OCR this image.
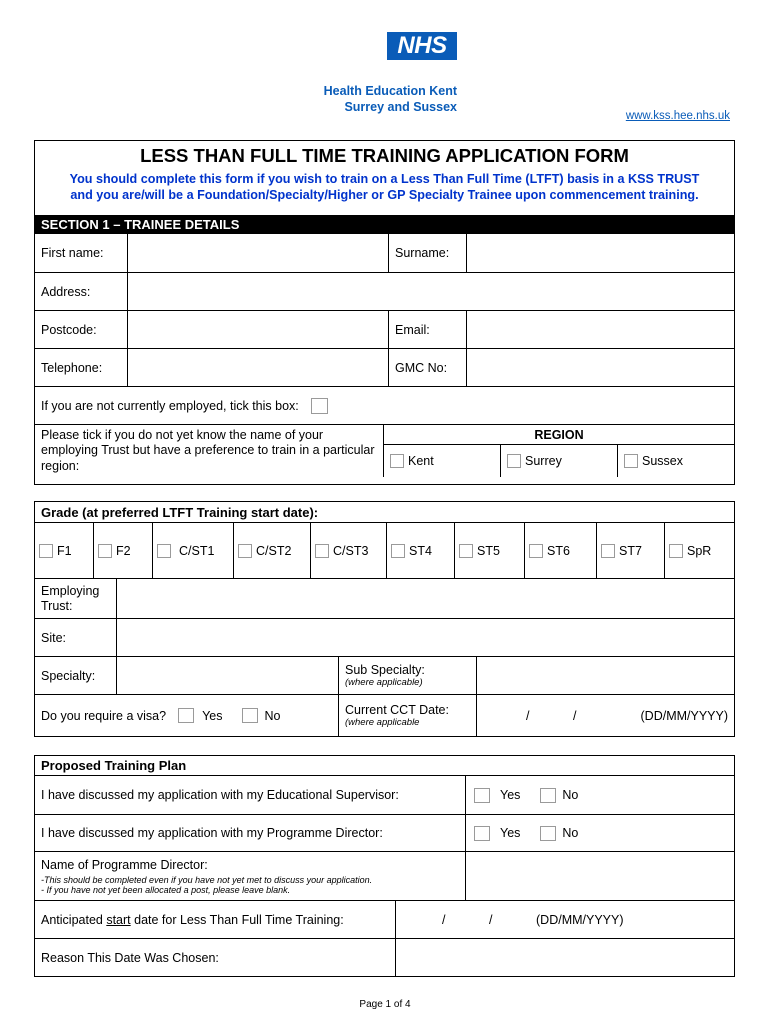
NHS
Health Education Kent
Surrey and Sussex
www.kss.hee.nhs.uk
LESS THAN FULL TIME TRAINING APPLICATION FORM
You should complete this form if you wish to train on a Less Than Full Time (LTFT) basis in a KSS TRUST and you are/will be a Foundation/Specialty/Higher or GP Specialty Trainee upon commencement training.
SECTION 1 – TRAINEE DETAILS
First name:	Surname:
Address:
Postcode:	Email:
Telephone:	GMC No:
If you are not currently employed, tick this box:
Please tick if you do not yet know the name of your employing Trust but have a preference to train in a particular region:
REGION
Kent	Surrey	Sussex
Grade (at preferred LTFT Training start date):
F1	F2	C/ST1	C/ST2	C/ST3	ST4	ST5	ST6	ST7	SpR
Employing Trust:
Site:
Specialty:	Sub Specialty:
(where applicable)
Do you require a visa?	Yes	No	Current CCT Date:
(where applicable	/	/	(DD/MM/YYYY)
Proposed Training Plan
I have discussed my application with my Educational Supervisor:	Yes	No
I have discussed my application with my Programme Director:	Yes	No
Name of Programme Director:
-This should be completed even if you have not yet met to discuss your application.
- If you have not yet been allocated a post, please leave blank.
Anticipated start date for Less Than Full Time Training:	/	/	(DD/MM/YYYY)
Reason This Date Was Chosen:
Page 1 of 4
